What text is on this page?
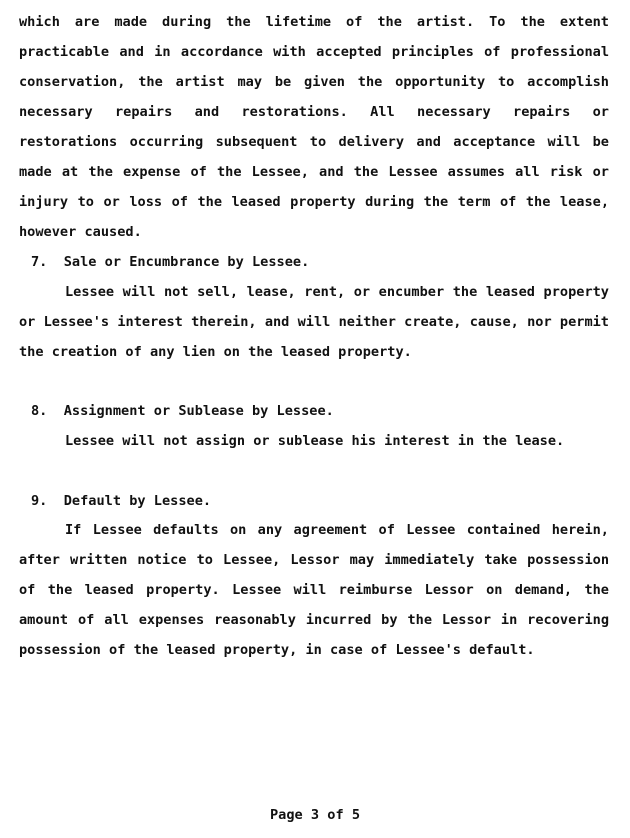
which are made during the lifetime of the artist. To the extent practicable and in accordance with accepted principles of professional conservation, the artist may be given the opportunity to accomplish necessary repairs and restorations. All necessary repairs or restorations occurring subsequent to delivery and acceptance will be made at the expense of the Lessee, and the Lessee assumes all risk or injury to or loss of the leased property during the term of the lease, however caused.

7. Sale or Encumbrance by Lessee.

Lessee will not sell, lease, rent, or encumber the leased property or Lessee's interest therein, and will neither create, cause, nor permit the creation of any lien on the leased property.

8. Assignment or Sublease by Lessee.

Lessee will not assign or sublease his interest in the lease.

9. Default by Lessee.

If Lessee defaults on any agreement of Lessee contained herein, after written notice to Lessee, Lessor may immediately take possession of the leased property. Lessee will reimburse Lessor on demand, the amount of all expenses reasonably incurred by the Lessor in recovering possession of the leased property, in case of Lessee's default.

Page 3 of 5
